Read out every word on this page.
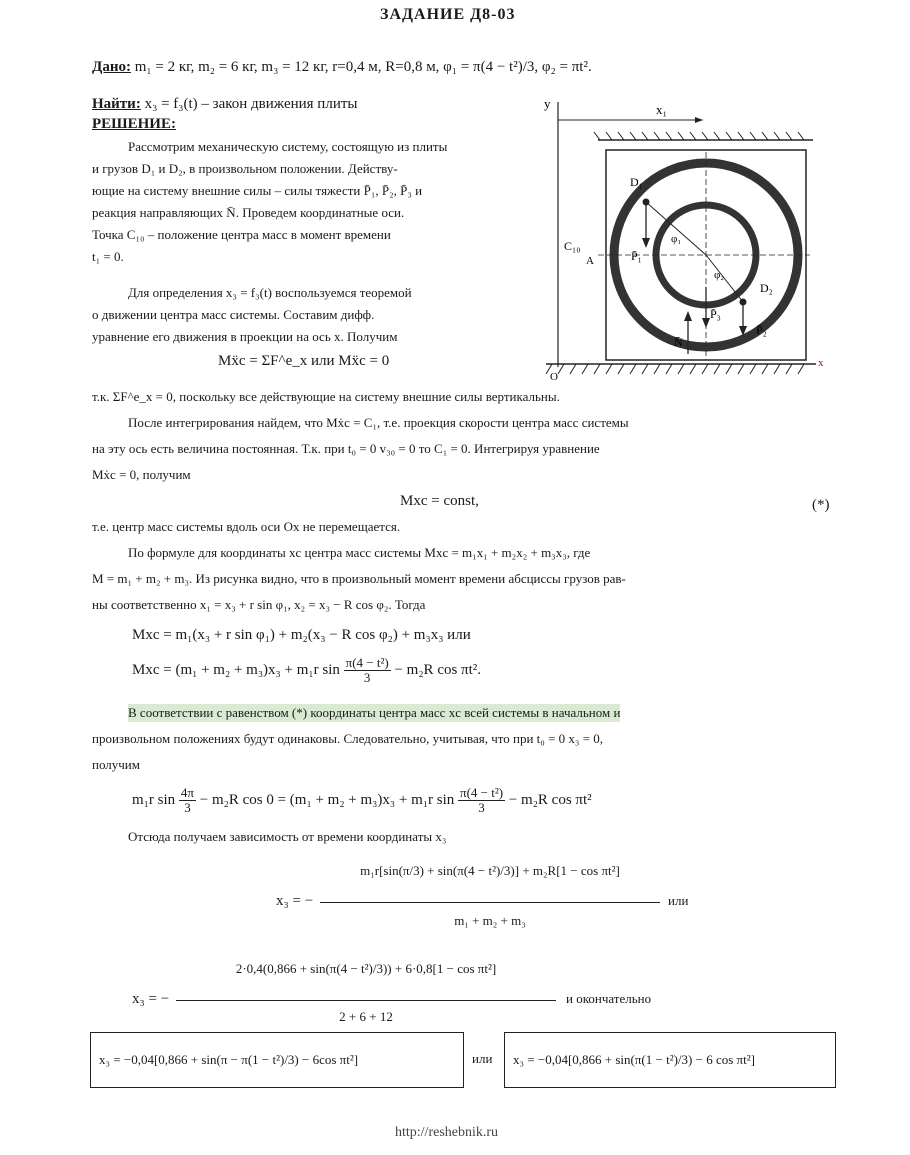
ЗАДАНИЕ Д8-03
Дано: m₁ = 2 кг, m₂ = 6 кг, m₃ = 12 кг, r=0,4 м, R=0,8 м, φ₁ = π(4 − t²)/3, φ₂ = πt².
Найти: x₃ = f₃(t) – закон движения плиты
РЕШЕНИЕ:
Рассмотрим механическую систему, состоящую из плиты
и грузов D₁ и D₂, в произвольном положении. Действу-
ющие на систему внешние силы – силы тяжести P̄₁, P̄₂, P̄₃ и
реакция направляющих N̄. Проведем координатные оси.
Точка C₁₀ – положение центра масс в момент времени
t₁ = 0.
Для определения x₃ = f₃(t) воспользуемся теоремой
о движении центра масс системы. Составим дифф.
уравнение его движения в проекции на ось x. Получим
Mẍc = ΣF^e_x или Mẍc = 0
y	x₁
D₁
D₂
P̄₁
P̄₂
P̄₃
N̄
C₁₀
A
φ₁
φ₂
x
O
т.к. ΣF^e_x = 0, поскольку все действующие на систему внешние силы вертикальны.
После интегрирования найдем, что Mẋc = C₁, т.е. проекция скорости центра масс системы
на эту ось есть величина постоянная. Т.к. при t₀ = 0 v₃₀ = 0 то C₁ = 0. Интегрируя уравнение
Mẋc = 0, получим
Mxc = const,	(*)
т.е. центр масс системы вдоль оси Ox не перемещается.
По формуле для координаты xc центра масс системы Mxc = m₁x₁ + m₂x₂ + m₃x₃, где
M = m₁ + m₂ + m₃. Из рисунка видно, что в произвольный момент времени абсциссы грузов рав-
ны соответственно x₁ = x₃ + r sin φ₁, x₂ = x₃ − R cos φ₂. Тогда
Mxc = m₁(x₃ + r sin φ₁) + m₂(x₃ − R cos φ₂) + m₃x₃ или
Mxc = (m₁ + m₂ + m₃)x₃ + m₁r $\sin \frac{\text{π(4 − t²)}}{3} - m_2R$ cos πt².
В соответствии с равенством (*) координаты центра масс xc всей системы в начальном и
произвольном положениях будут одинаковы. Следовательно, учитывая, что при t₀ = 0 x₃ = 0,
получим
m₁r $\sin \frac{4\pi}{3} - m_2R$ cos 0 = (m₁ + m₂ + m₃)x₃ + m₁r $\sin \frac{\text{π(4 − t²)}}{3} - m_2R$ cos πt²
Отсюда получаем зависимость от времени координаты x₃
x₃ = −
m₁r[sin(π/3) + sin(π(4 − t²)/3)] + m₂R[1 − cos πt²]
m₁ + m₂ + m₃
или
x₃ = −
2·0,4(0,866 + sin(π(4 − t²)/3)) + 6·0,8[1 − cos πt²]
2 + 6 + 12
и окончательно
x₃ = −0,04[0,866 + sin(π − π(1 − t²)/3) − 6cos πt²]	или x₃ = −0,04[0,866 + sin(π(1 − t²)/3) − 6 cos πt²]
http://reshebnik.ru
